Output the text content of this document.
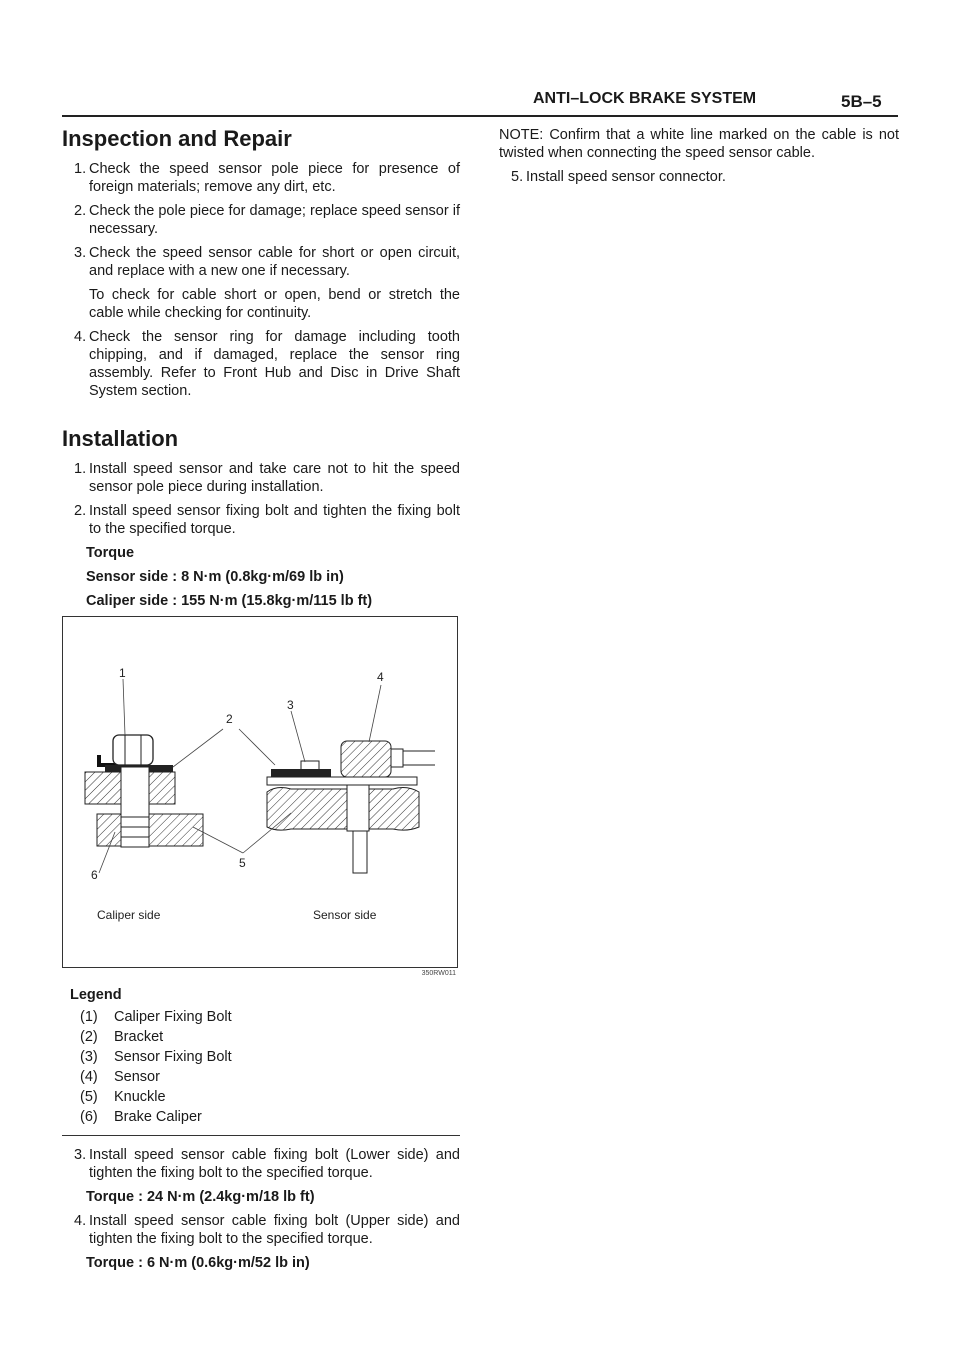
ANTI–LOCK BRAKE SYSTEM	5B–5
Inspection and Repair

1. Check the speed sensor pole piece for presence of foreign materials; remove any dirt, etc.

2. Check the pole piece for damage; replace speed sensor if necessary.

3. Check the speed sensor cable for short or open circuit, and replace with a new one if necessary.

To check for cable short or open, bend or stretch the cable while checking for continuity.

4. Check the sensor ring for damage including tooth chipping, and if damaged, replace the sensor ring assembly. Refer to Front Hub and Disc in Drive Shaft System section.

Installation

1. Install speed sensor and take care not to hit the speed sensor pole piece during installation.

2. Install speed sensor fixing bolt and tighten the fixing bolt to the specified torque.

Torque

Sensor side : 8 N·m (0.8kg·m/69 lb in)

Caliper side : 155 N·m (15.8kg·m/115 lb ft)

1
2
3
4
5
6
Caliper side	Sensor side
350RW011
Legend
(1) Caliper Fixing Bolt
(2) Bracket
(3) Sensor Fixing Bolt
(4) Sensor
(5) Knuckle
(6) Brake Caliper

3. Install speed sensor cable fixing bolt (Lower side) and tighten the fixing bolt to the specified torque.

Torque : 24 N·m (2.4kg·m/18 lb ft)

4. Install speed sensor cable fixing bolt (Upper side) and tighten the fixing bolt to the specified torque.

Torque : 6 N·m (0.6kg·m/52 lb in)

NOTE: Confirm that a white line marked on the cable is not twisted when connecting the speed sensor cable.

5. Install speed sensor connector.
